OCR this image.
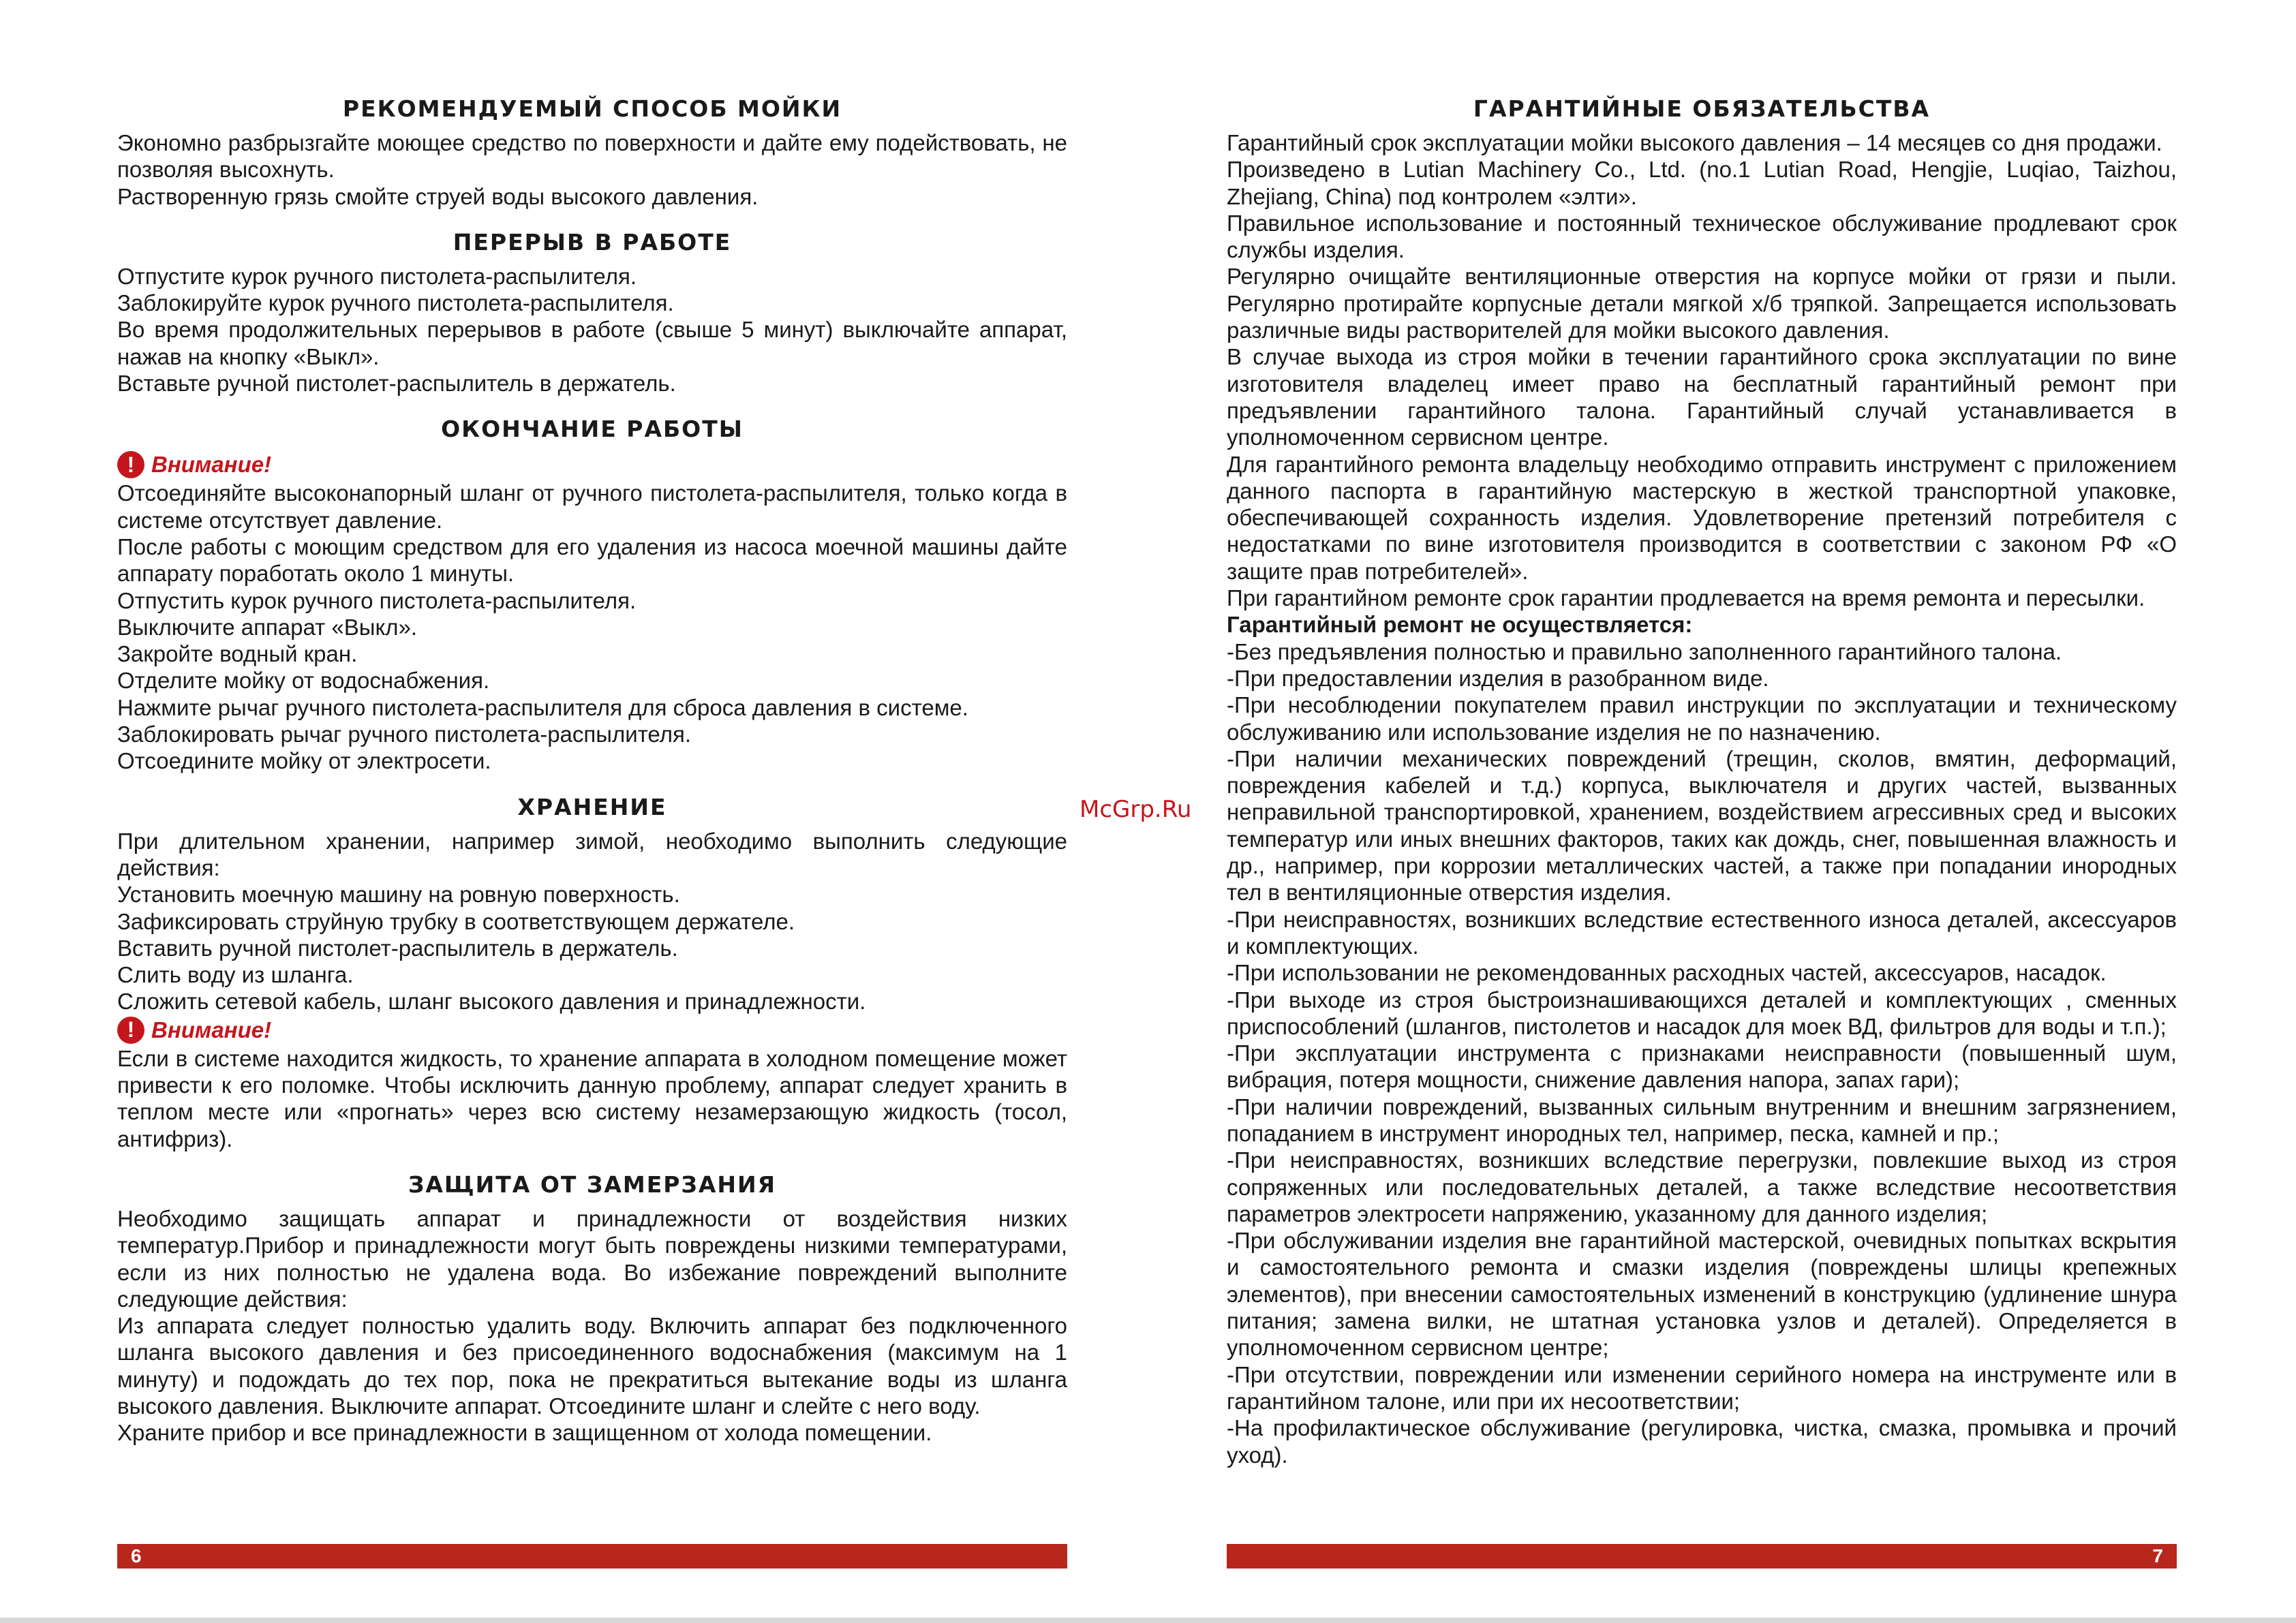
РЕКОМЕНДУЕМЫЙ СПОСОБ МОЙКИ

Экономно разбрызгайте моющее средство по поверхности и дайте ему подействовать, не позволяя высохнуть.

Растворенную грязь смойте струей воды высокого давления.

ПЕРЕРЫВ В РАБОТЕ

Отпустите курок ручного пистолета-распылителя.

Заблокируйте курок ручного пистолета-распылителя.

Во время продолжительных перерывов в работе (свыше 5 минут) выключайте аппарат, нажав на кнопку «Выкл».

Вставьте ручной пистолет-распылитель в держатель.

ОКОНЧАНИЕ РАБОТЫ
! Внимание!

Отсоединяйте высоконапорный шланг от ручного пистолета-распылителя, только когда в системе отсутствует давление.

После работы с моющим средством для его удаления из насоса моечной машины дайте аппарату поработать около 1 минуты.

Отпустить курок ручного пистолета-распылителя.

Выключите аппарат «Выкл».

Закройте водный кран.

Отделите мойку от водоснабжения.

Нажмите рычаг ручного пистолета-распылителя для сброса давления в системе.

Заблокировать рычаг ручного пистолета-распылителя.

Отсоедините мойку от электросети.

ХРАНЕНИЕ

При длительном хранении, например зимой, необходимо выполнить следующие действия:

Установить моечную машину на ровную поверхность.

Зафиксировать струйную трубку в соответствующем держателе.

Вставить ручной пистолет-распылитель в держатель.

Слить воду из шланга.

Сложить сетевой кабель, шланг высокого давления и принадлежности.

! Внимание!

Если в системе находится жидкость, то хранение аппарата в холодном помещение может привести к его поломке. Чтобы исключить данную проблему, аппарат следует хранить в теплом месте или «прогнать» через всю систему незамерзающую жидкость (тосол, антифриз).

ЗАЩИТА ОТ ЗАМЕРЗАНИЯ

Необходимо защищать аппарат и принадлежности от воздействия низких температур.Прибор и принадлежности могут быть повреждены низкими температурами, если из них полностью не удалена вода. Во избежание повреждений выполните следующие действия:

Из аппарата следует полностью удалить воду. Включить аппарат без подключенного шланга высокого давления и без присоединенного водоснабжения (максимум на 1 минуту) и подождать до тех пор, пока не прекратиться вытекание воды из шланга высокого давления. Выключите аппарат. Отсоедините шланг и слейте с него воду.

Храните прибор и все принадлежности в защищенном от холода помещении.

6
McGrp.Ru
ГАРАНТИЙНЫЕ ОБЯЗАТЕЛЬСТВА

Гарантийный срок эксплуатации мойки высокого давления – 14 месяцев со дня продажи.

Произведено в Lutian Machinery Co., Ltd. (no.1 Lutian Road, Hengjie, Luqiao, Taizhou, Zhejiang, China) под контролем «элти».

Правильное использование и постоянный техническое обслуживание продлевают срок службы изделия.

Регулярно очищайте вентиляционные отверстия на корпусе мойки от грязи и пыли. Регулярно протирайте корпусные детали мягкой х/б тряпкой. Запрещается использовать различные виды растворителей для мойки высокого давления.

В случае выхода из строя мойки в течении гарантийного срока эксплуатации по вине изготовителя владелец имеет право на бесплатный гарантийный ремонт при предъявлении гарантийного талона. Гарантийный случай устанавливается в уполномоченном сервисном центре.

Для гарантийного ремонта владельцу необходимо отправить инструмент с приложением данного паспорта в гарантийную мастерскую в жесткой транспортной упаковке, обеспечивающей сохранность изделия. Удовлетворение претензий потребителя с недостатками по вине изготовителя производится в соответствии с законом РФ «О защите прав потребителей».

При гарантийном ремонте срок гарантии продлевается на время ремонта и пересылки.

Гарантийный ремонт не осуществляется:

-Без предъявления полностью и правильно заполненного гарантийного талона.

-При предоставлении изделия в разобранном виде.

-При несоблюдении покупателем правил инструкции по эксплуатации и техническому обслуживанию или использование изделия не по назначению.

-При наличии механических повреждений (трещин, сколов, вмятин, деформаций, повреждения кабелей и т.д.) корпуса, выключателя и других частей, вызванных неправильной транспортировкой, хранением, воздействием агрессивных сред и высоких температур или иных внешних факторов, таких как дождь, снег, повышенная влажность и др., например, при коррозии металлических частей, а также при попадании инородных тел в вентиляционные отверстия изделия.

-При неисправностях, возникших вследствие естественного износа деталей, аксессуаров и комплектующих.

-При использовании не рекомендованных расходных частей, аксессуаров, насадок.

-При выходе из строя быстроизнашивающихся деталей и комплектующих , сменных приспособлений (шлангов, пистолетов и насадок для моек ВД, фильтров для воды и т.п.);

-При эксплуатации инструмента с признаками неисправности (повышенный шум, вибрация, потеря мощности, снижение давления напора, запах гари);

-При наличии повреждений, вызванных сильным внутренним и внешним загрязнением, попаданием в инструмент инородных тел, например, песка, камней и пр.;

-При неисправностях, возникших вследствие перегрузки, повлекшие выход из строя сопряженных или последовательных деталей, а также вследствие несоответствия параметров электросети напряжению, указанному для данного изделия;

-При обслуживании изделия вне гарантийной мастерской, очевидных попытках вскрытия и самостоятельного ремонта и смазки изделия (повреждены шлицы крепежных элементов), при внесении самостоятельных изменений в конструкцию (удлинение шнура питания; замена вилки, не штатная установка узлов и деталей). Определяется в уполномоченном сервисном центре;

-При отсутствии, повреждении или изменении серийного номера на инструменте или в гарантийном талоне, или при их несоответствии;

-На профилактическое обслуживание (регулировка, чистка, смазка, промывка и прочий уход).

7
